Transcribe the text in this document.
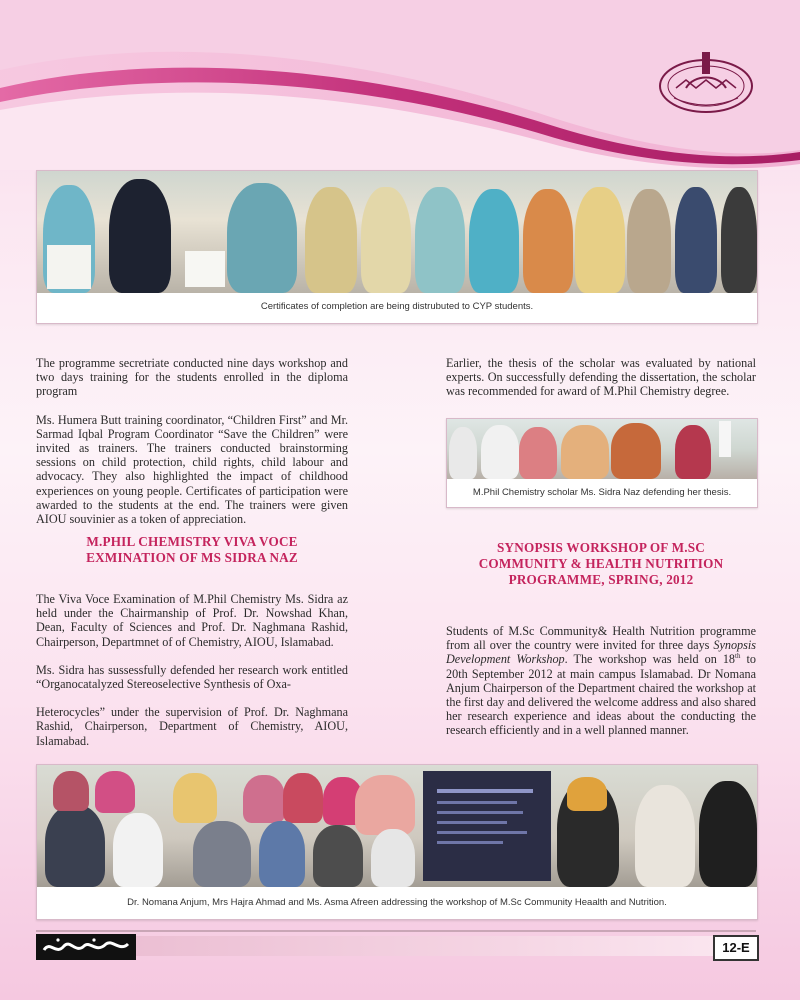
Certificates of completion are being distrubuted to CYP students.

The programme secretriate conducted nine days workshop and two days training for the students enrolled in the diploma program

Ms. Humera Butt training coordinator, “Children First” and Mr. Sarmad Iqbal Program Coordinator “Save the Children” were invited as trainers. The trainers conducted brainstorming sessions on child protection, child rights, child labour and advocacy. They also highlighted the impact of childhood experiences on young people. Certificates of participation were awarded to the students at the end. The trainers were given AIOU souvinier as a token of appreciation.

M.PHIL CHEMISTRY VIVA VOCE
EXMINATION OF MS SIDRA NAZ

The Viva Voce Examination of M.Phil Chemistry Ms. Sidra az held under the Chairmanship of Prof. Dr. Nowshad Khan, Dean, Faculty of Sciences and Prof. Dr. Naghmana Rashid, Chairperson, Departmnet of of Chemistry, AIOU, Islamabad.

Ms. Sidra has sussessfully defended her research work entitled “Organocatalyzed Stereoselective Synthesis of Oxa-

Heterocycles” under the supervision of Prof. Dr. Naghmana Rashid, Chairperson, Department of Chemistry, AIOU, Islamabad.

Earlier, the thesis of the scholar was evaluated by national experts. On successfully defending the dissertation, the scholar was recommended for award of M.Phil Chemistry degree.

M.Phil Chemistry scholar Ms. Sidra Naz defending her thesis.
SYNOPSIS WORKSHOP OF M.SC
COMMUNITY & HEALTH NUTRITION
PROGRAMME, SPRING, 2012

Students of M.Sc Community& Health Nutrition programme from all over the country were invited for three days Synopsis Development Workshop. The workshop was held on 18th to 20th September 2012 at main campus Islamabad. Dr Nomana Anjum Chairperson of the Department chaired the workshop at the first day and delivered the welcome address and also shared her research experience and ideas about the conducting the research efficiently and in a well planned manner.

Dr. Nomana Anjum, Mrs Hajra Ahmad and Ms. Asma Afreen addressing the workshop of M.Sc Community Heaalth and Nutrition.
12-E
